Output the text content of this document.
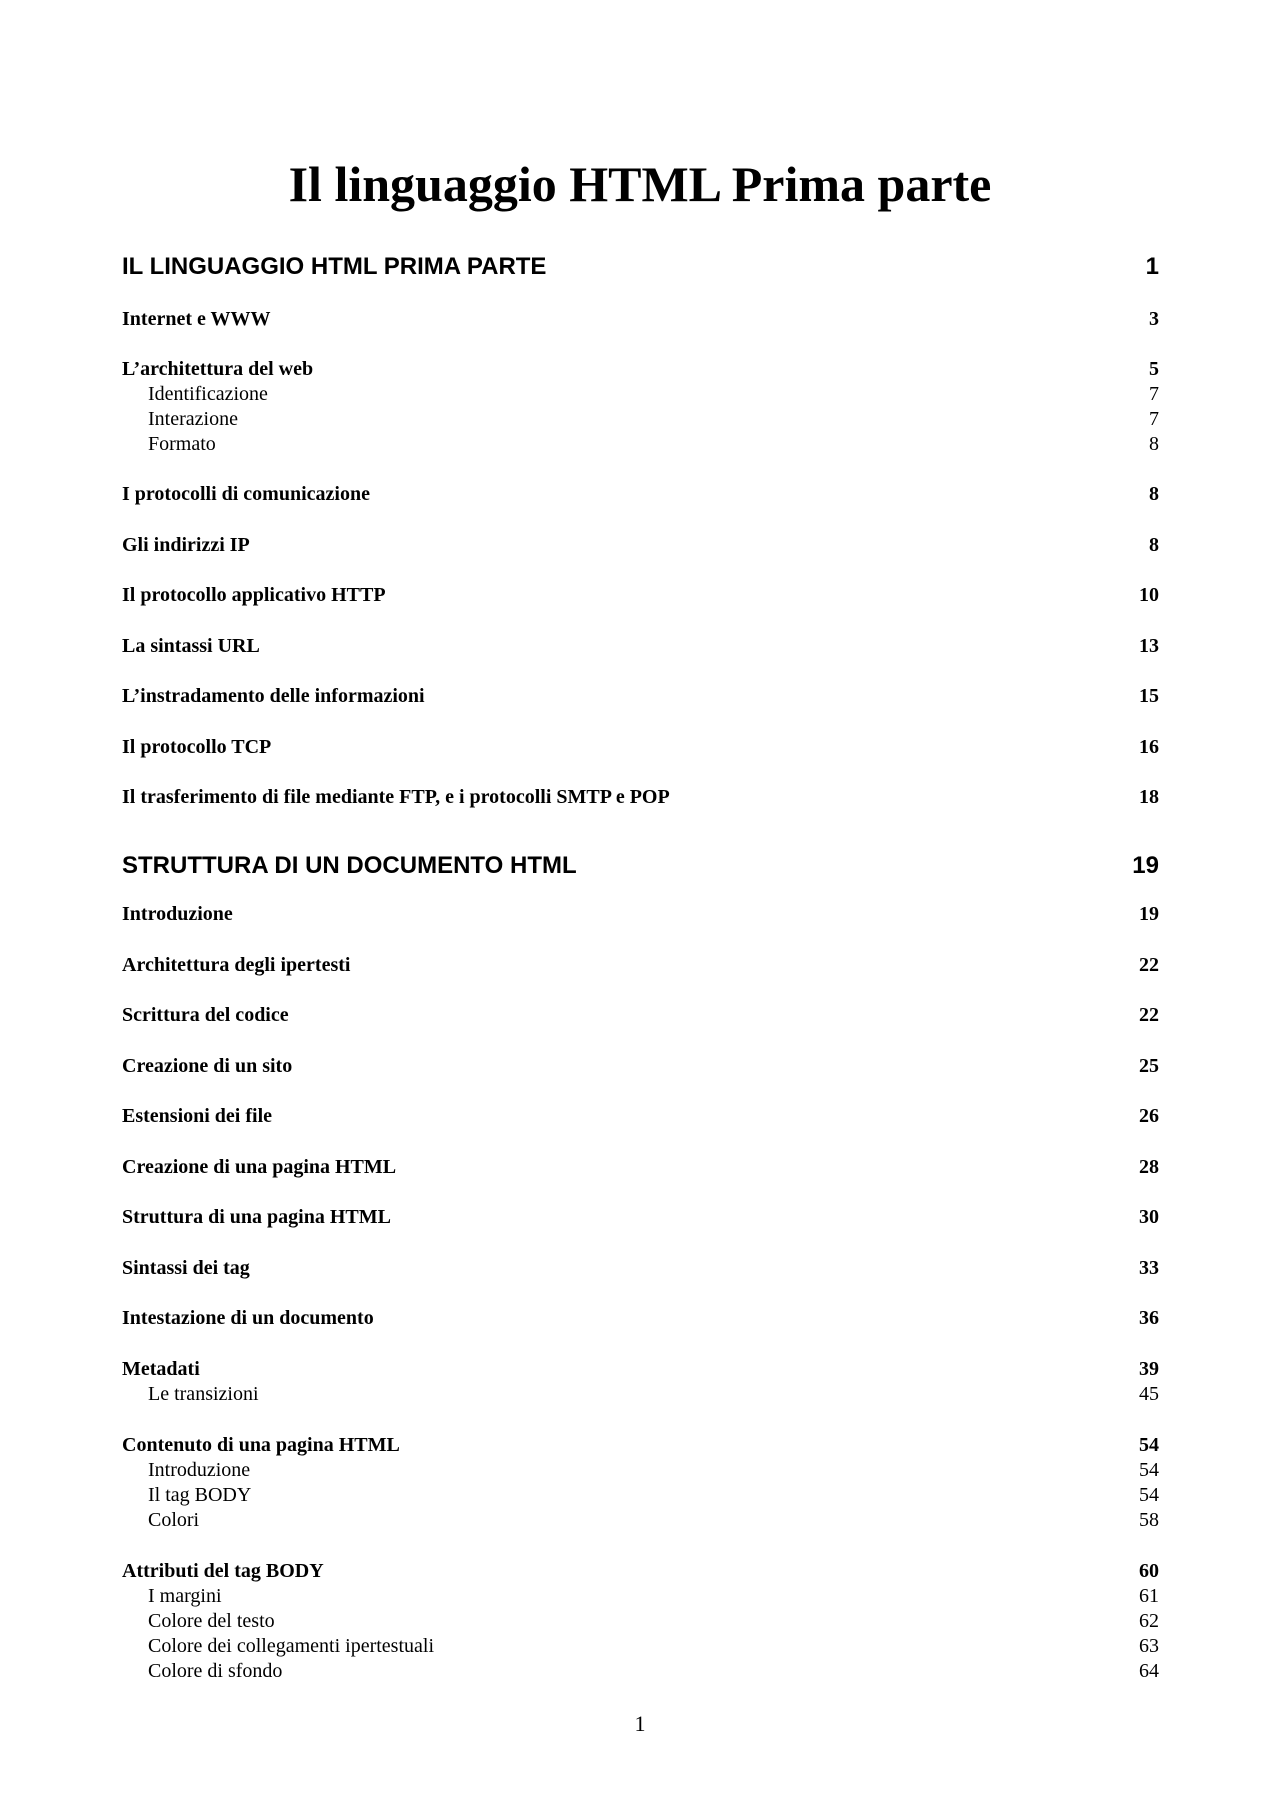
Il linguaggio HTML Prima parte
IL LINGUAGGIO HTML PRIMA PARTE	1
Internet e WWW	3
L’architettura del web	5
Identificazione	7
Interazione	7
Formato	8
I protocolli di comunicazione	8
Gli indirizzi IP	8
Il protocollo applicativo HTTP	10
La sintassi URL	13
L’instradamento delle informazioni	15
Il protocollo TCP	16
Il trasferimento di file mediante FTP, e i protocolli SMTP e POP	18
STRUTTURA DI UN DOCUMENTO HTML	19
Introduzione	19
Architettura degli ipertesti	22
Scrittura del codice	22
Creazione di un sito	25
Estensioni dei file	26
Creazione di una pagina HTML	28
Struttura di una pagina HTML	30
Sintassi dei tag	33
Intestazione di un documento	36
Metadati	39
Le transizioni	45
Contenuto di una pagina HTML	54
Introduzione	54
Il tag BODY	54
Colori	58
Attributi del tag BODY	60
I margini	61
Colore del testo	62
Colore dei collegamenti ipertestuali	63
Colore di sfondo	64
1
